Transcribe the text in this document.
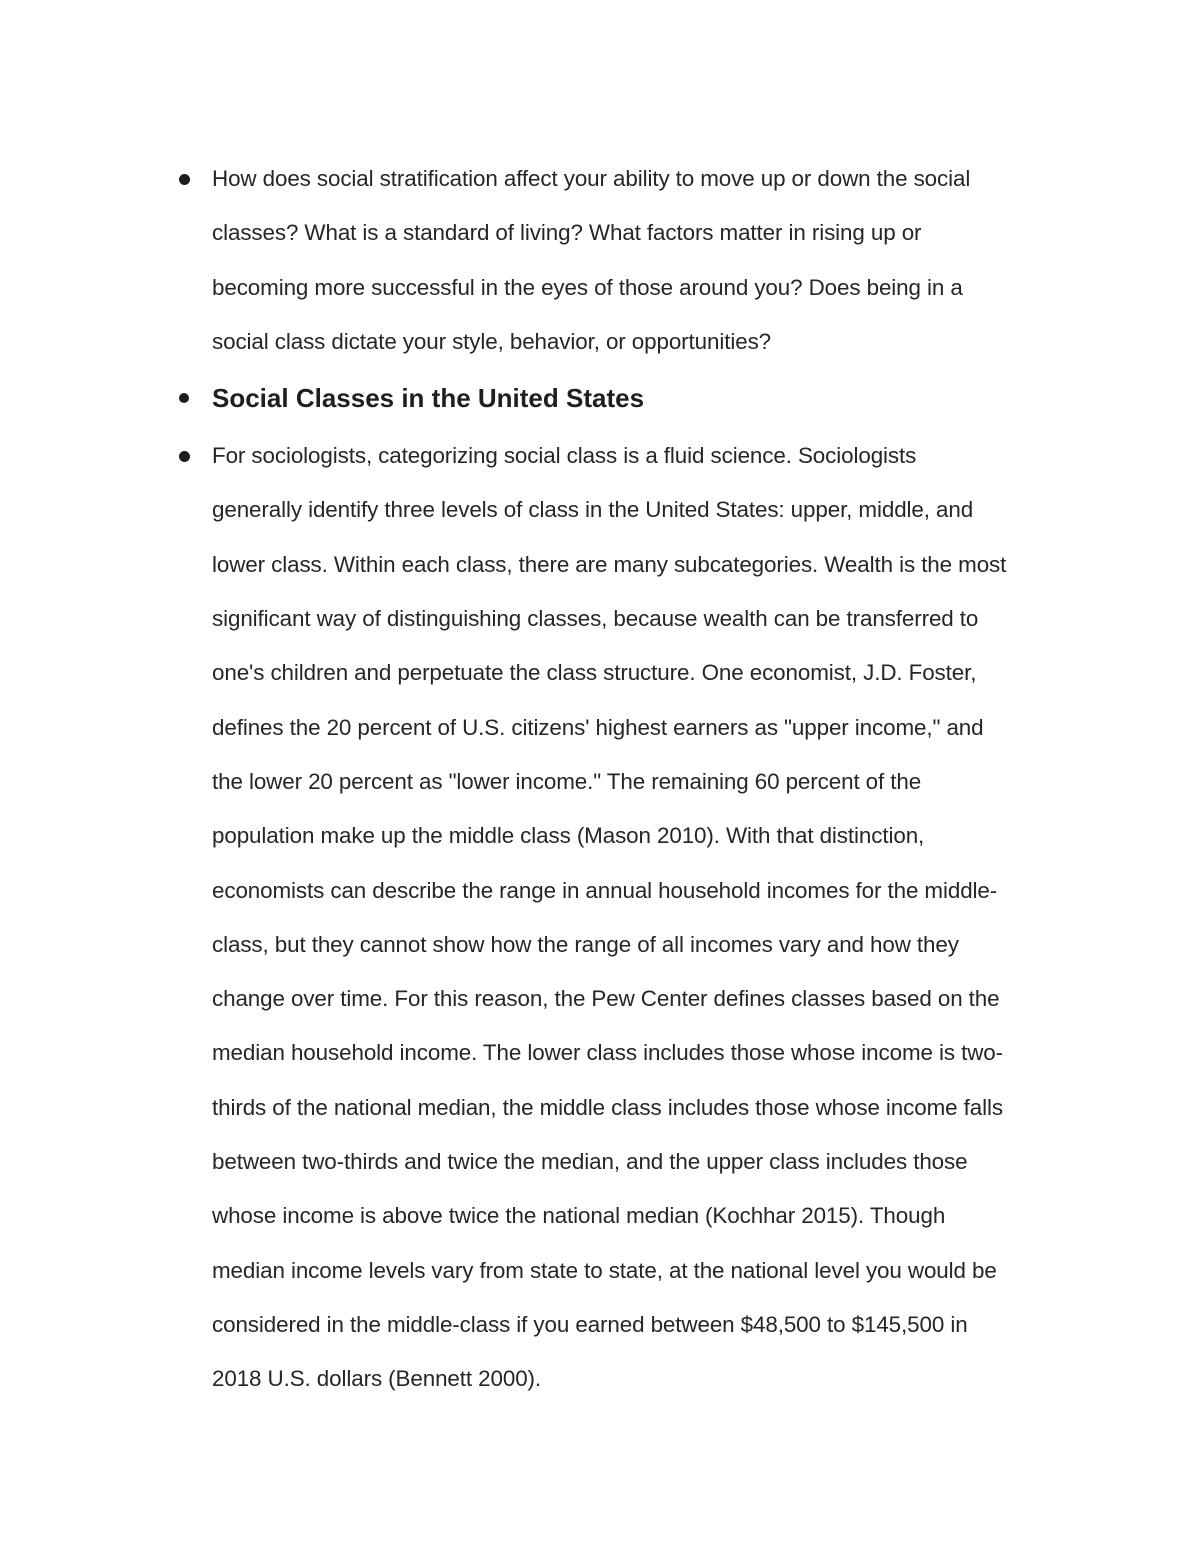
How does social stratification affect your ability to move up or down the social
classes? What is a standard of living? What factors matter in rising up or
becoming more successful in the eyes of those around you? Does being in a
social class dictate your style, behavior, or opportunities?

Social Classes in the United States

For sociologists, categorizing social class is a fluid science. Sociologists
generally identify three levels of class in the United States: upper, middle, and
lower class. Within each class, there are many subcategories. Wealth is the most
significant way of distinguishing classes, because wealth can be transferred to
one's children and perpetuate the class structure. One economist, J.D. Foster,
defines the 20 percent of U.S. citizens' highest earners as "upper income," and
the lower 20 percent as "lower income." The remaining 60 percent of the
population make up the middle class (Mason 2010). With that distinction,
economists can describe the range in annual household incomes for the middle-
class, but they cannot show how the range of all incomes vary and how they
change over time. For this reason, the Pew Center defines classes based on the
median household income. The lower class includes those whose income is two-
thirds of the national median, the middle class includes those whose income falls
between two-thirds and twice the median, and the upper class includes those
whose income is above twice the national median (Kochhar 2015). Though
median income levels vary from state to state, at the national level you would be
considered in the middle-class if you earned between $48,500 to $145,500 in
2018 U.S. dollars (Bennett 2000).
